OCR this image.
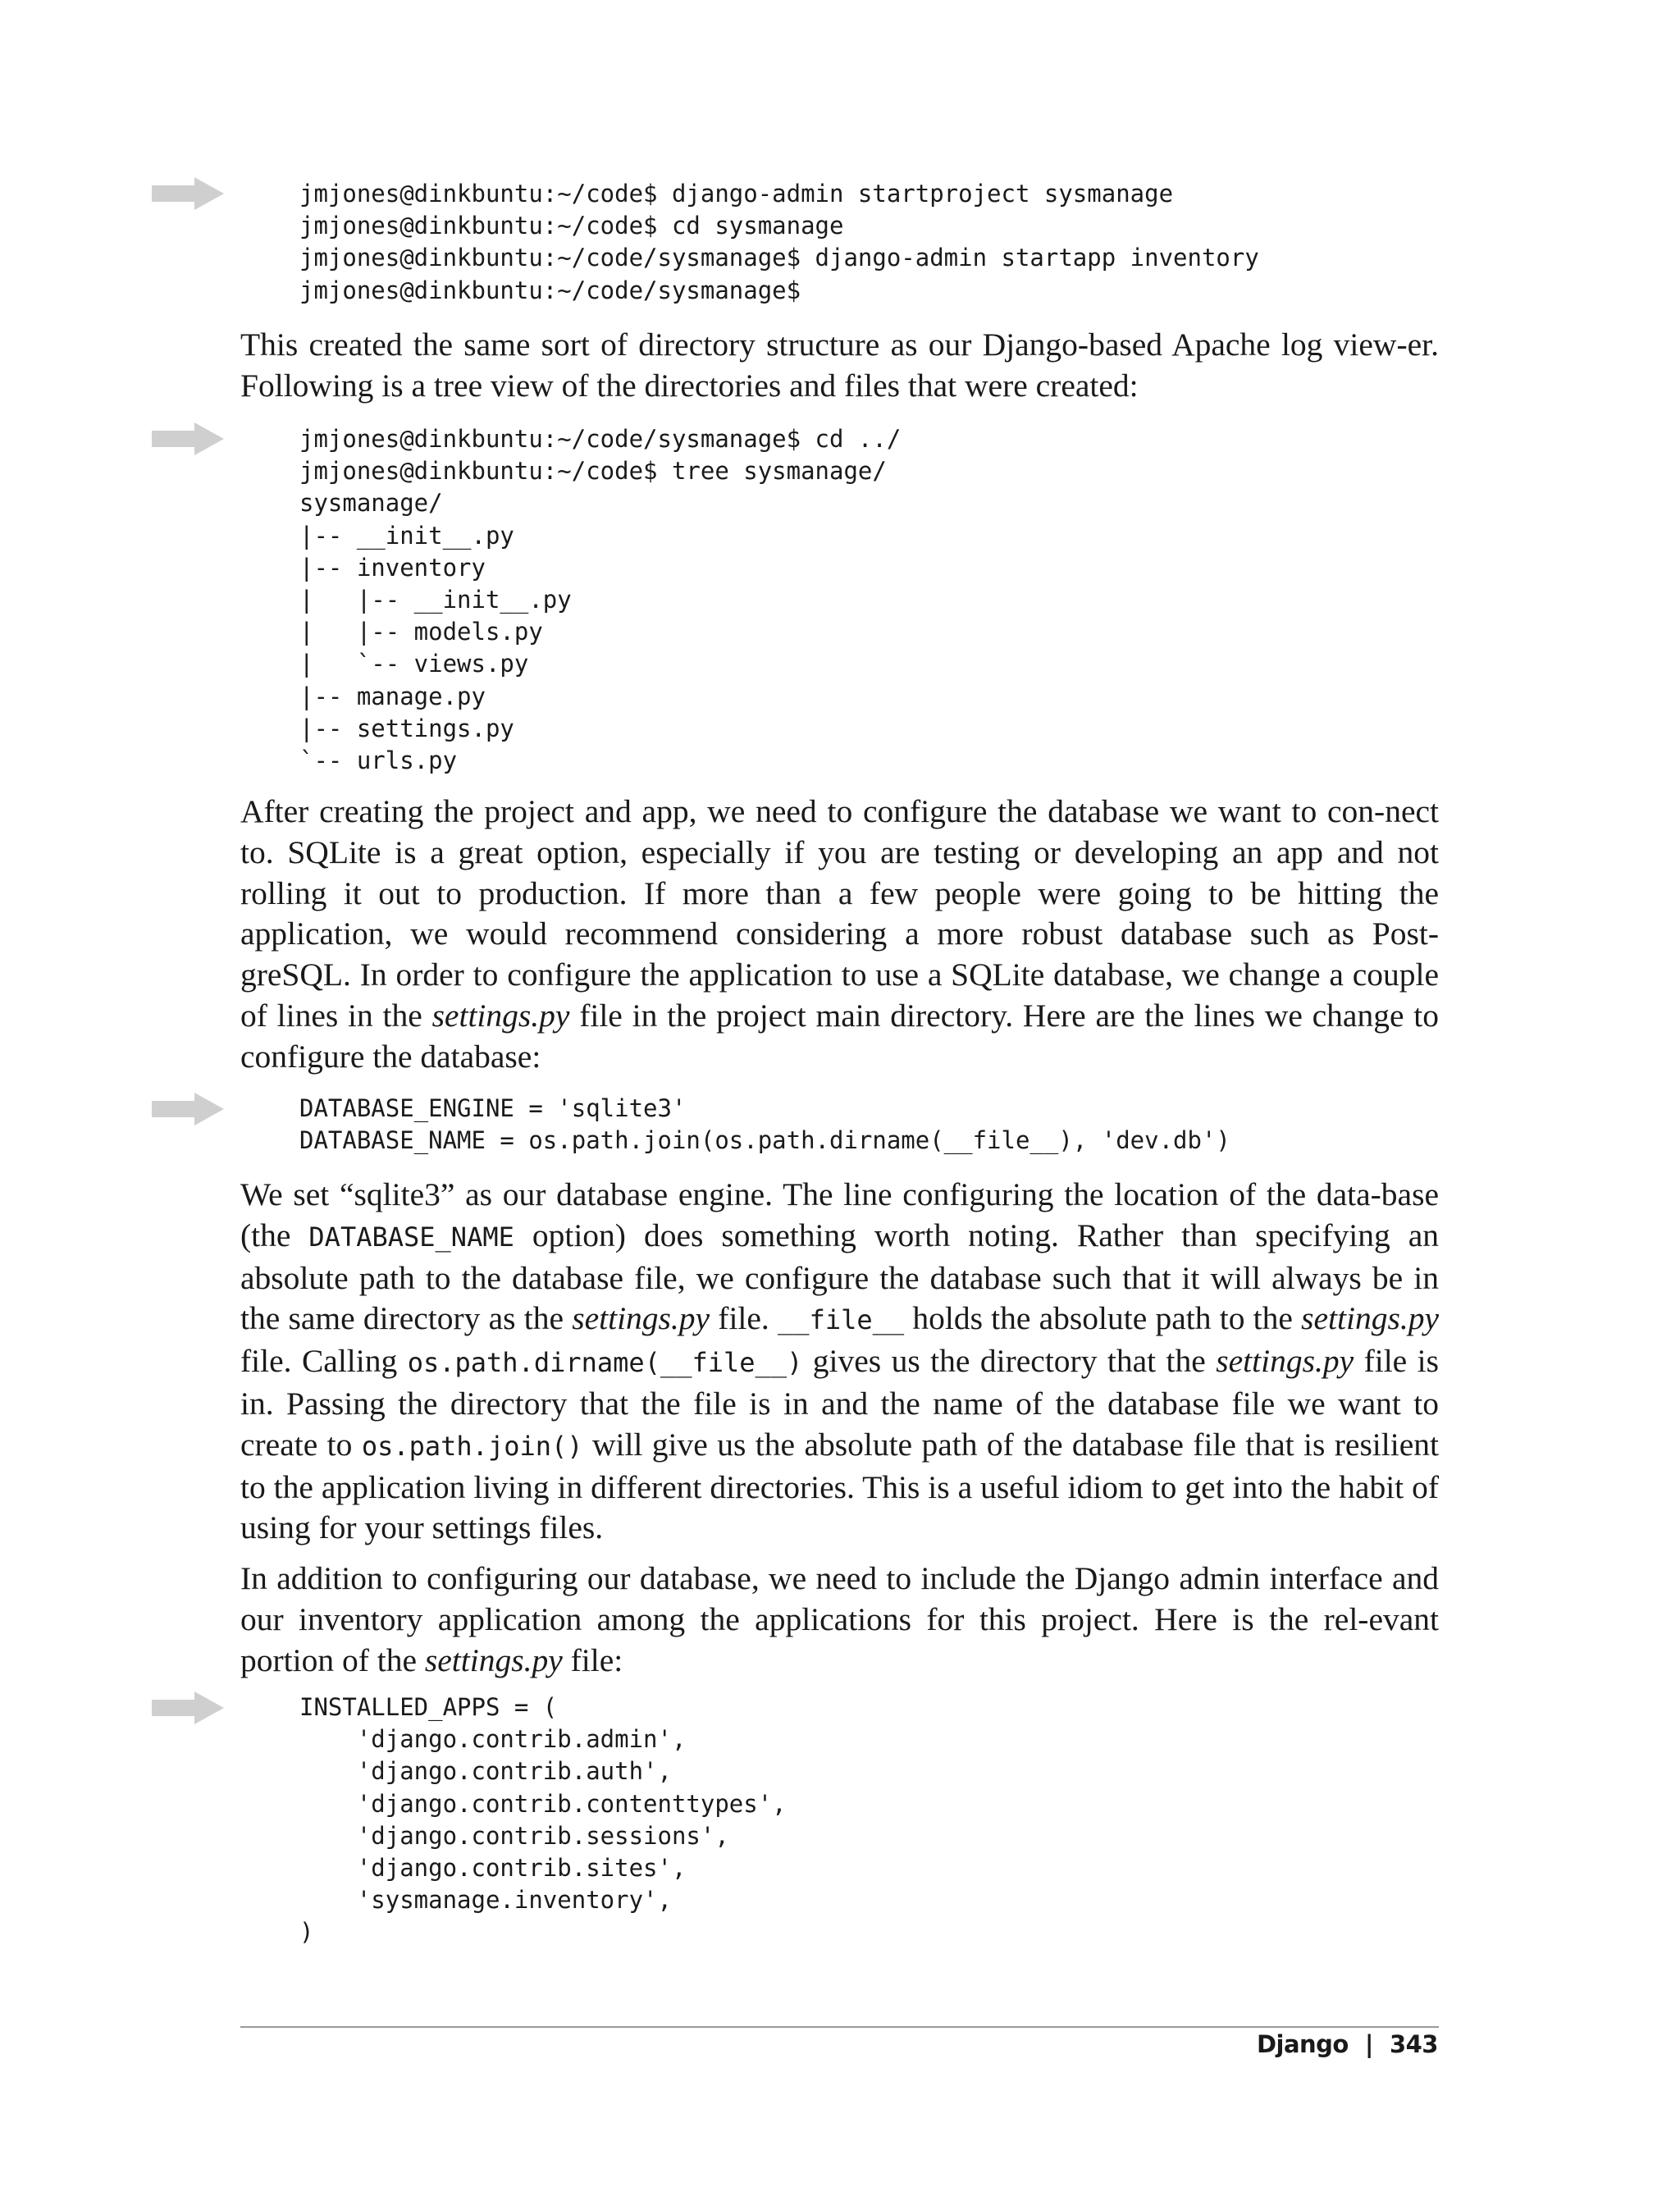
jmjones@dinkbuntu:~/code$ django-admin startproject sysmanage
jmjones@dinkbuntu:~/code$ cd sysmanage
jmjones@dinkbuntu:~/code/sysmanage$ django-admin startapp inventory
jmjones@dinkbuntu:~/code/sysmanage$

This created the same sort of directory structure as our Django-based Apache log view-er. Following is a tree view of the directories and files that were created:

jmjones@dinkbuntu:~/code/sysmanage$ cd ../
jmjones@dinkbuntu:~/code$ tree sysmanage/
sysmanage/
|-- __init__.py
|-- inventory
|   |-- __init__.py
|   |-- models.py
|   `-- views.py
|-- manage.py
|-- settings.py
`-- urls.py

After creating the project and app, we need to configure the database we want to con-nect to. SQLite is a great option, especially if you are testing or developing an app and not rolling it out to production. If more than a few people were going to be hitting the application, we would recommend considering a more robust database such as Post-greSQL. In order to configure the application to use a SQLite database, we change a couple of lines in the settings.py file in the project main directory. Here are the lines we change to configure the database:

DATABASE_ENGINE = 'sqlite3'
DATABASE_NAME = os.path.join(os.path.dirname(__file__), 'dev.db')

We set “sqlite3” as our database engine. The line configuring the location of the data-base (the DATABASE_NAME option) does something worth noting. Rather than specifying an absolute path to the database file, we configure the database such that it will always be in the same directory as the settings.py file. __file__ holds the absolute path to the settings.py file. Calling os.path.dirname(__file__) gives us the directory that the settings.py file is in. Passing the directory that the file is in and the name of the database file we want to create to os.path.join() will give us the absolute path of the database file that is resilient to the application living in different directories. This is a useful idiom to get into the habit of using for your settings files.

In addition to configuring our database, we need to include the Django admin interface and our inventory application among the applications for this project. Here is the rel-evant portion of the settings.py file:

INSTALLED_APPS = (
'django.contrib.admin',
'django.contrib.auth',
'django.contrib.contenttypes',
'django.contrib.sessions',
'django.contrib.sites',
'sysmanage.inventory',
)
Django | 343
